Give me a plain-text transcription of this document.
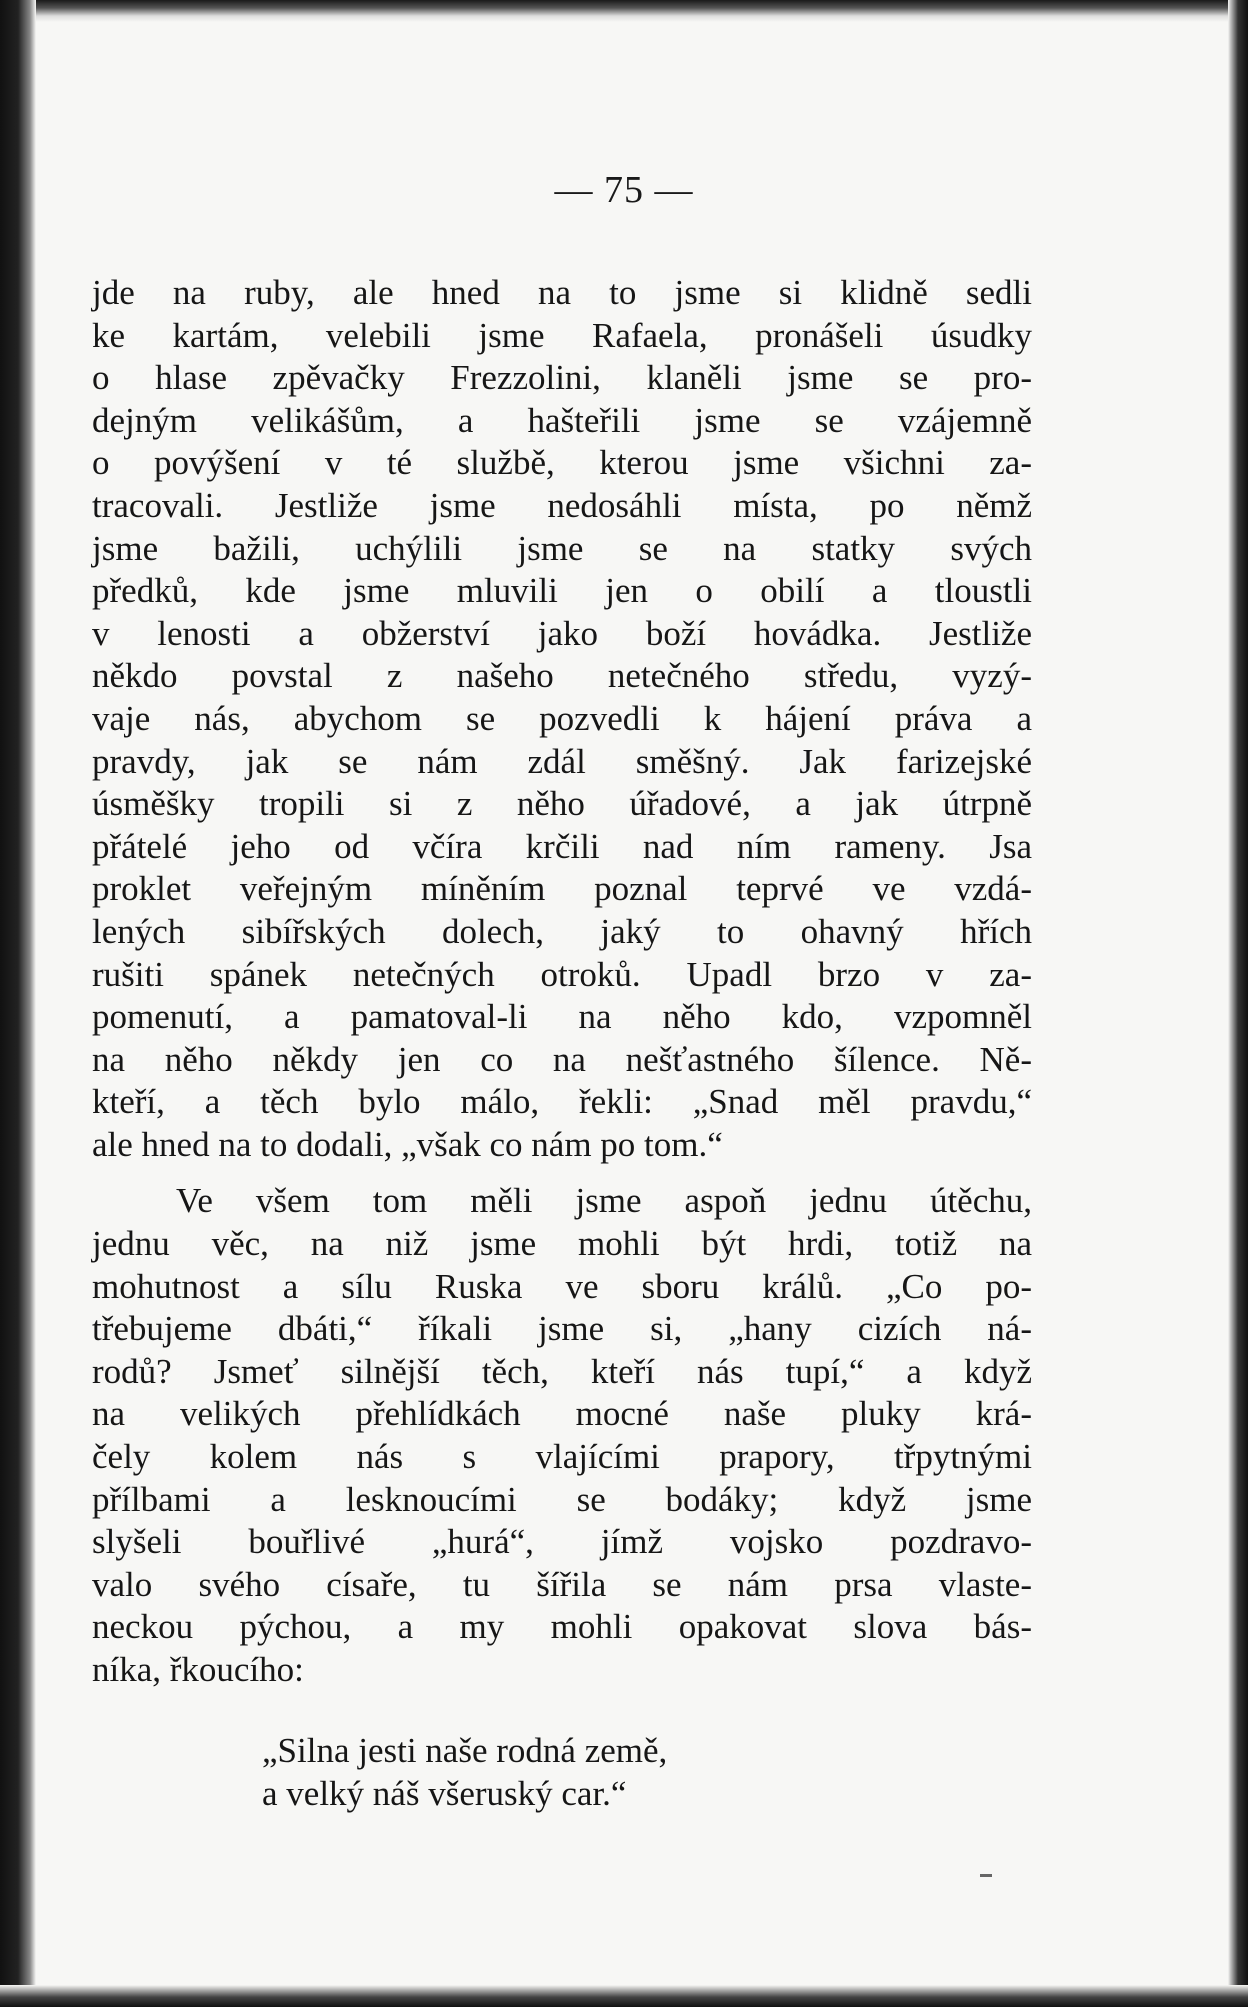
— 75 —
jde na ruby, ale hned na to jsme si klidně sedli
ke kartám, velebili jsme Rafaela, pronášeli úsudky
o hlase zpěvačky Frezzolini, klaněli jsme se pro-
dejným velikášům, a hašteřili jsme se vzájemně
o povýšení v té službě, kterou jsme všichni za-
tracovali. Jestliže jsme nedosáhli místa, po němž
jsme bažili, uchýlili jsme se na statky svých
předků, kde jsme mluvili jen o obilí a tloustli
v lenosti a obžerství jako boží hovádka. Jestliže
někdo povstal z našeho netečného středu, vyzý-
vaje nás, abychom se pozvedli k hájení práva a
pravdy, jak se nám zdál směšný. Jak farizejské
úsměšky tropili si z něho úřadové, a jak útrpně
přátelé jeho od včíra krčili nad ním rameny. Jsa
proklet veřejným míněním poznal teprvé ve vzdá-
lených sibířských dolech, jaký to ohavný hřích
rušiti spánek netečných otroků. Upadl brzo v za-
pomenutí, a pamatoval-li na něho kdo, vzpomněl
na něho někdy jen co na nešťastného šílence. Ně-
kteří, a těch bylo málo, řekli: „Snad měl pravdu,“
ale hned na to dodali, „však co nám po tom.“
Ve všem tom měli jsme aspoň jednu útěchu,
jednu věc, na niž jsme mohli být hrdi, totiž na
mohutnost a sílu Ruska ve sboru králů. „Co po-
třebujeme dbáti,“ říkali jsme si, „hany cizích ná-
rodů? Jsmeť silnější těch, kteří nás tupí,“ a když
na velikých přehlídkách mocné naše pluky krá-
čely kolem nás s vlajícími prapory, třpytnými
přílbami a lesknoucími se bodáky; když jsme
slyšeli bouřlivé „hurá“, jímž vojsko pozdravo-
valo svého císaře, tu šířila se nám prsa vlaste-
neckou pýchou, a my mohli opakovat slova bás-
níka, řkoucího:
„Silna jesti naše rodná země,
a velký náš všeruský car.“
